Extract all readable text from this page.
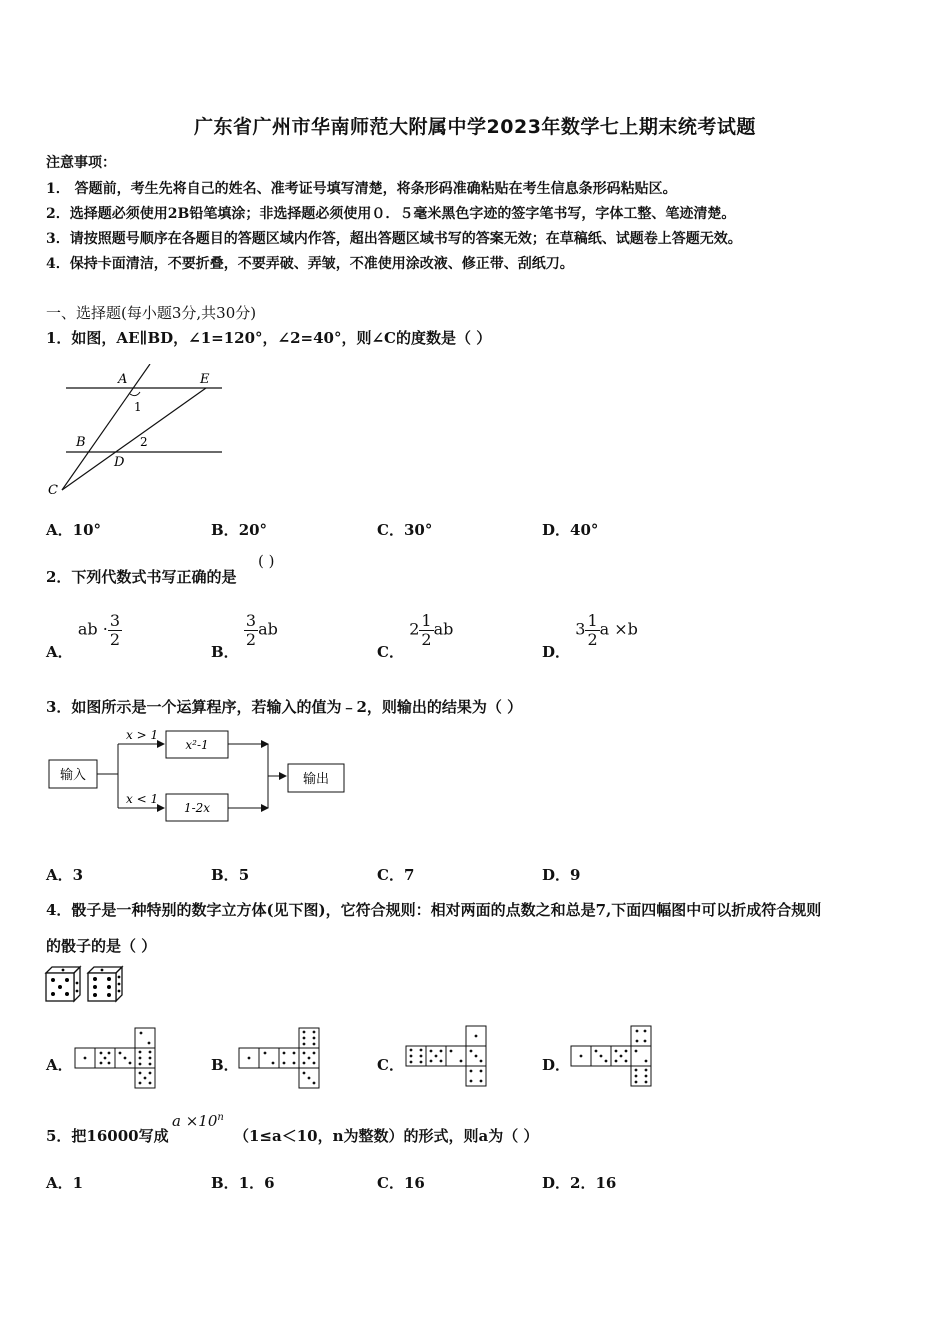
广东省广州市华南师范大附属中学2023年数学七上期末统考试题
注意事项：
1． 答题前，考生先将自己的姓名、准考证号填写清楚，将条形码准确粘贴在考生信息条形码粘贴区。
2．选择题必须使用2B铅笔填涂；非选择题必须使用０．５毫米黑色字迹的签字笔书写，字体工整、笔迹清楚。
3．请按照题号顺序在各题目的答题区域内作答，超出答题区域书写的答案无效；在草稿纸、试题卷上答题无效。
4．保持卡面清洁，不要折叠，不要弄破、弄皱，不准使用涂改液、修正带、刮纸刀。
一、选择题(每小题3分,共30分)
1．如图，AE∥BD，∠1=120°，∠2=40°，则∠C的度数是（ ）
A	E
1
B	2
D
C
A．10°	B．20°	C．30°	D．40°
2．下列代数式书写正确的是
( )
A． ab · $\frac{3}{2}$
B．
$\frac{3}{2}$ ab
C． $2 \frac{1}{2}$ ab
D． $3 \frac{1}{2}$ a ×b
3．如图所示是一个运算程序，若输入的值为﹣2，则输出的结果为（ ）
输入
x > 1
x < 1
x²-1
1-2x
输出
A．3	B．5	C．7	D．9
4．骰子是一种特别的数字立方体(见下图)，它符合规则：相对两面的点数之和总是7,下面四幅图中可以折成符合规则
的骰子的是（ ）
A．	B．	C．	D．
5．把16000写成
$a \times 10^n$
（1≤a＜10，n为整数）的形式，则a为（ ）
A．1	B．1．6	C．16	D．2．16
